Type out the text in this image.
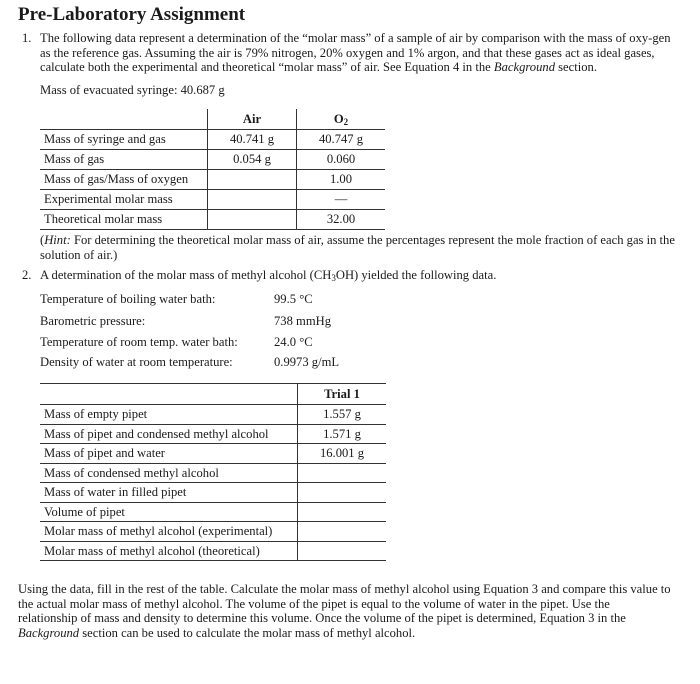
Pre-Laboratory Assignment
1. The following data represent a determination of the “molar mass” of a sample of air by comparison with the mass of oxy-gen as the reference gas. Assuming the air is 79% nitrogen, 20% oxygen and 1% argon, and that these gases act as ideal gases, calculate both the experimental and theoretical “molar mass” of air. See Equation 4 in the Background section.

Mass of evacuated syringe: 40.687 g
	Air	$O_2$
Mass of syringe and gas	40.741 g	40.747 g
Mass of gas	0.054 g	0.060
Mass of gas/Mass of oxygen		1.00
Experimental molar mass		—
Theoretical molar mass		32.00

(Hint: For determining the theoretical molar mass of air, assume the percentages represent the mole fraction of each gas in the solution of air.)

2. A determination of the molar mass of methyl alcohol $(CH_3OH)$ yielded the following data.
Temperature of boiling water bath:	99.5 °C
Barometric pressure:	738 mmHg
Temperature of room temp. water bath:	24.0 °C
Density of water at room temperature:	0.9973 g/mL
	Trial 1
Mass of empty pipet	1.557 g
Mass of pipet and condensed methyl alcohol	1.571 g
Mass of pipet and water	16.001 g
Mass of condensed methyl alcohol	
Mass of water in filled pipet	
Volume of pipet	
Molar mass of methyl alcohol (experimental)	
Molar mass of methyl alcohol (theoretical)	

Using the data, fill in the rest of the table. Calculate the molar mass of methyl alcohol using Equation 3 and compare this value to the actual molar mass of methyl alcohol. The volume of the pipet is equal to the volume of water in the pipet. Use the relationship of mass and density to determine this volume. Once the volume of the pipet is determined, Equation 3 in the Background section can be used to calculate the molar mass of methyl alcohol.
